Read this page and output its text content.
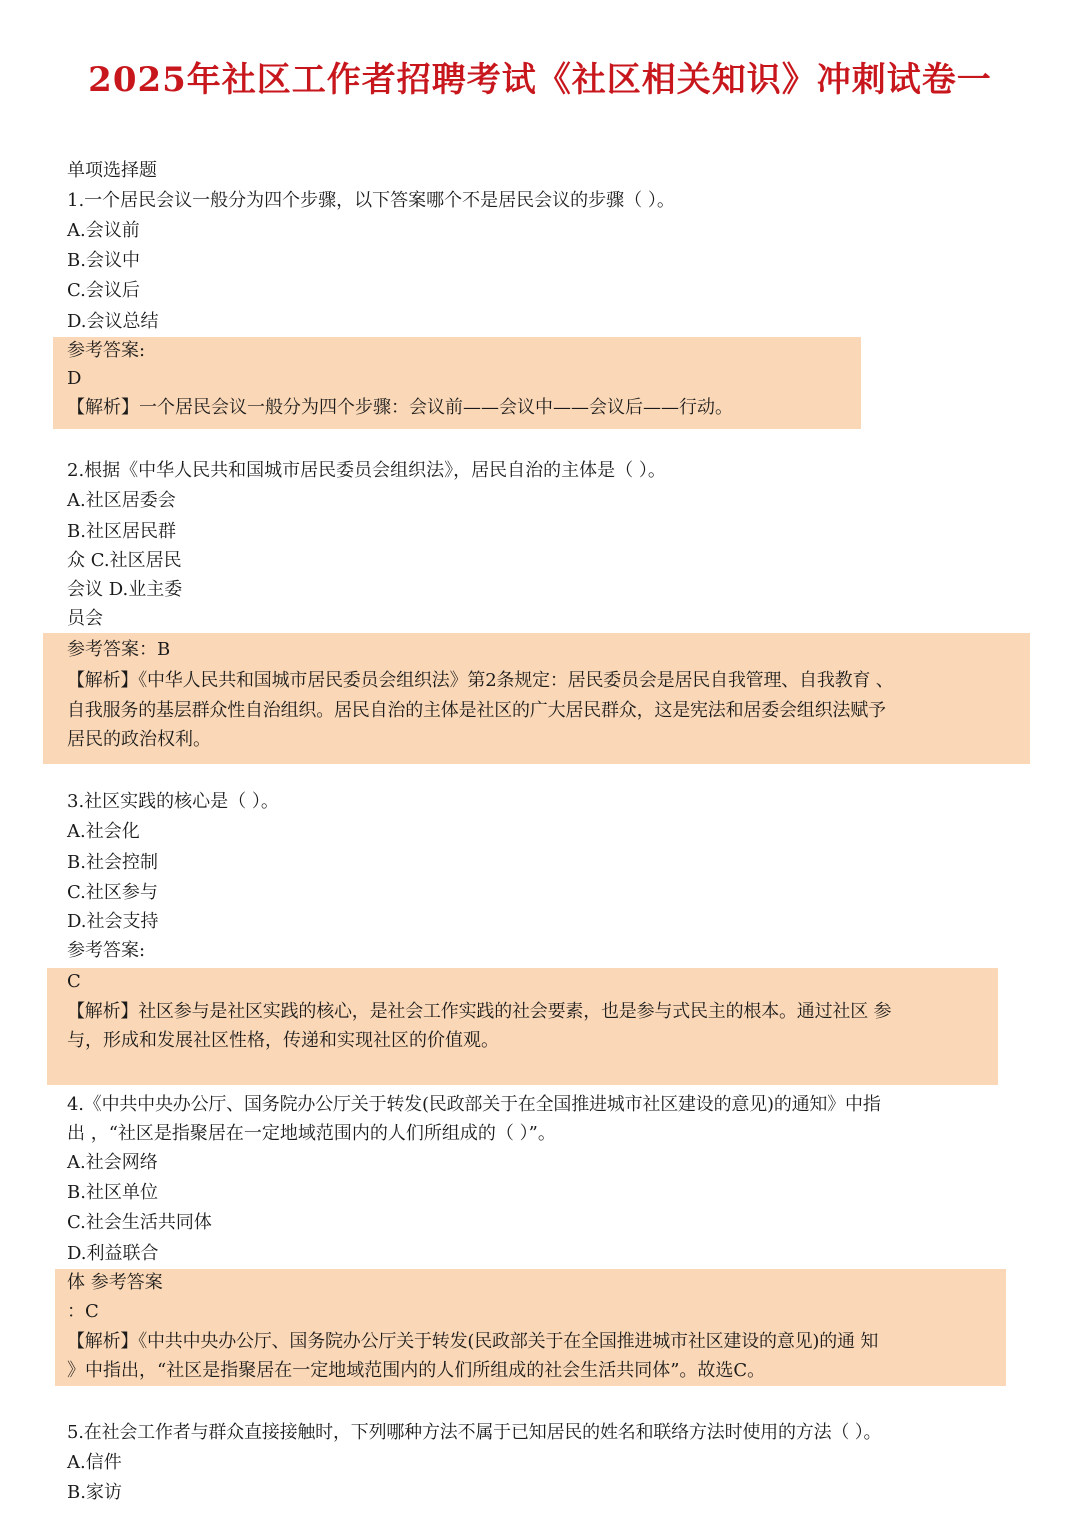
2025年社区工作者招聘考试《社区相关知识》冲刺试卷一
单项选择题
1.一个居民会议一般分为四个步骤，以下答案哪个不是居民会议的步骤（ ）。
A.会议前
B.会议中
C.会议后
D.会议总结
参考答案:
D
【解析】一个居民会议一般分为四个步骤：会议前——会议中——会议后——行动。
2.根据《中华人民共和国城市居民委员会组织法》，居民自治的主体是（ ）。
A.社区居委会
B.社区居民群
众 C.社区居民
会议 D.业主委
员会
参考答案：B
【解析】《中华人民共和国城市居民委员会组织法》第2条规定：居民委员会是居民自我管理、自我教育 、
自我服务的基层群众性自治组织。居民自治的主体是社区的广大居民群众，这是宪法和居委会组织法赋予
居民的政治权利。
3.社区实践的核心是（ ）。
A.社会化
B.社会控制
C.社区参与
D.社会支持
参考答案:
C
【解析】社区参与是社区实践的核心，是社会工作实践的社会要素，也是参与式民主的根本。通过社区 参
与，形成和发展社区性格，传递和实现社区的价值观。
4.《中共中央办公厅、国务院办公厅关于转发(民政部关于在全国推进城市社区建设的意见)的通知》中指
出 ，“社区是指聚居在一定地域范围内的人们所组成的（ ）”。
A.社会网络
B.社区单位
C.社会生活共同体
D.利益联合
体 参考答案
：C
【解析】《中共中央办公厅、国务院办公厅关于转发(民政部关于在全国推进城市社区建设的意见)的通 知
》中指出，“社区是指聚居在一定地域范围内的人们所组成的社会生活共同体”。故选C。
5.在社会工作者与群众直接接触时，下列哪种方法不属于已知居民的姓名和联络方法时使用的方法（ ）。
A.信件
B.家访
